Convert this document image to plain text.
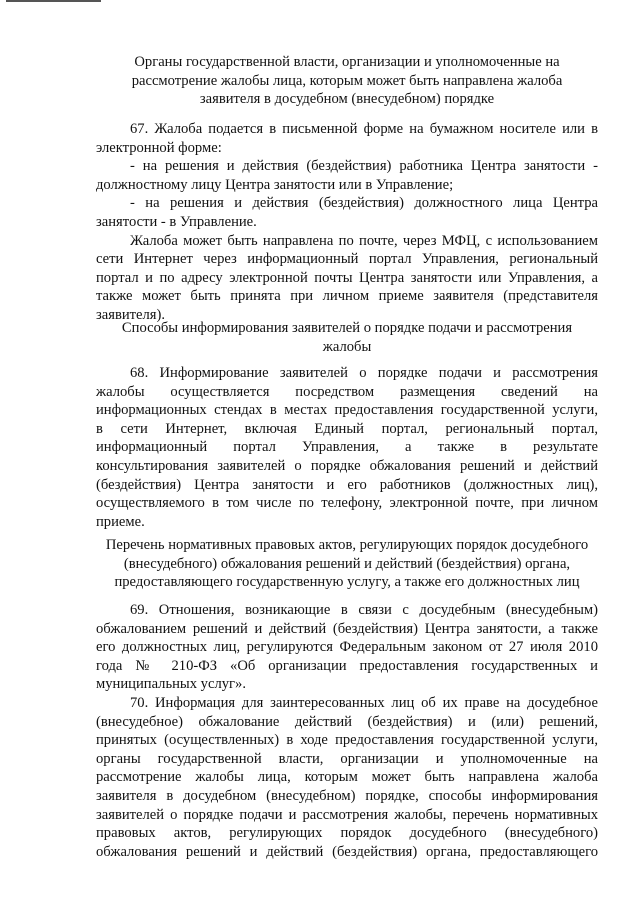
Органы государственной власти, организации и уполномоченные на
рассмотрение жалобы лица, которым может быть направлена жалоба
заявителя в досудебном (внесудебном) порядке
67. Жалоба подается в письменной форме на бумажном носителе или в
электронной форме:
- на решения и действия (бездействия) работника Центра занятости -
должностному лицу Центра занятости или в Управление;
- на решения и действия (бездействия) должностного лица Центра
занятости - в Управление.
Жалоба может быть направлена по почте, через МФЦ, с использованием
сети Интернет через информационный портал Управления, региональный
портал и по адресу электронной почты Центра занятости или Управления, а
также может быть принята при личном приеме заявителя (представителя
заявителя).
Способы информирования заявителей о порядке подачи и рассмотрения
жалобы
68. Информирование заявителей о порядке подачи и рассмотрения
жалобы осуществляется посредством размещения сведений на
информационных стендах в местах предоставления государственной услуги,
в сети Интернет, включая Единый портал, региональный портал,
информационный портал Управления, а также в результате
консультирования заявителей о порядке обжалования решений и действий
(бездействия) Центра занятости и его работников (должностных лиц),
осуществляемого в том числе по телефону, электронной почте, при личном
приеме.
Перечень нормативных правовых актов, регулирующих порядок досудебного
(внесудебного) обжалования решений и действий (бездействия) органа,
предоставляющего государственную услугу, а также его должностных лиц
69. Отношения, возникающие в связи с досудебным (внесудебным)
обжалованием решений и действий (бездействия) Центра занятости, а также
его должностных лиц, регулируются Федеральным законом от 27 июля 2010
года № 210-ФЗ «Об организации предоставления государственных и
муниципальных услуг».
70. Информация для заинтересованных лиц об их праве на досудебное
(внесудебное) обжалование действий (бездействия) и (или) решений,
принятых (осуществленных) в ходе предоставления государственной услуги,
органы государственной власти, организации и уполномоченные на
рассмотрение жалобы лица, которым может быть направлена жалоба
заявителя в досудебном (внесудебном) порядке, способы информирования
заявителей о порядке подачи и рассмотрения жалобы, перечень нормативных
правовых актов, регулирующих порядок досудебного (внесудебного)
обжалования решений и действий (бездействия) органа, предоставляющего
